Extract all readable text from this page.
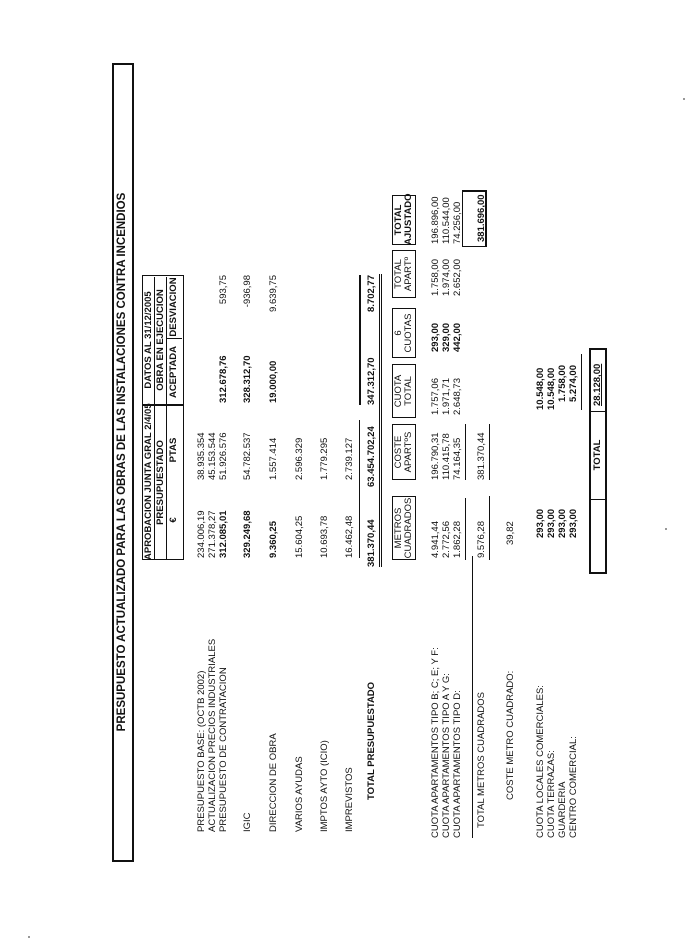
PRESUPUESTO ACTUALIZADO PARA LAS OBRAS DE LAS INSTALACIONES CONTRA INCENDIOS APROBACION JUNTA GRAL 2/4/05 PRESUPUESTADO €
PTAS
DATOS AL 31/12/2005 OBRA EN EJECUCION ACEPTADA
DESVIACION
PRESUPUESTO BASE: (OCTB 2002)
234.006,19
38.935.354
ACTUALIZACION PRECIOS INDUSTRIALES
271.378,27
45.153.544
PRESUPUESTO DE CONTRATACION
312.085,01
51.926.576
312.678,76
593,75
IGIC
329.249,68
54.782.537
328.312,70
-936,98
DIRECCION DE OBRA
9.360,25
1.557.414
19.000,00
9.639,75
VARIOS AYUDAS
15.604,25
2.596.329
IMPTOS AYTO (ICIO)
10.693,78
1.779.295
IMPREVISTOS
16.462,48
2.739.127
TOTAL PRESUPUESTADO
381.370,44
63.454.702,24
347.312,70
8.702,77
METROS CUADRADOS
COSTE APARTºS
CUOTA TOTAL
6 CUOTAS
TOTAL APARTº
TOTAL AJUSTADO
CUOTA APARTAMENTOS TIPO B; C; E; Y F:
4.941,44
196.790,31
1.757,06
293,00
1.758,00
196.896,00
CUOTA APARTAMENTOS TIPO A Y G:
2.772,56
110.415,78
1.971,71
329,00
1.974,00
110.544,00
CUOTA APARTAMENTOS TIPO D:
1.862,28
74.164,35
2.648,73
442,00
2.652,00
74.256,00
TOTAL METROS CUADRADOS
9.576,28
381.370,44
381.696,00
COSTE METRO CUADRADO:
39,82
CUOTA LOCALES COMERCIALES:
293,00
10.548,00
CUOTA TERRAZAS:
293,00
10.548,00
GUARDERIA
293,00
1.758,00
CENTRO COMERCIAL:
293,00
5.274,00
TOTAL
28.128,00
